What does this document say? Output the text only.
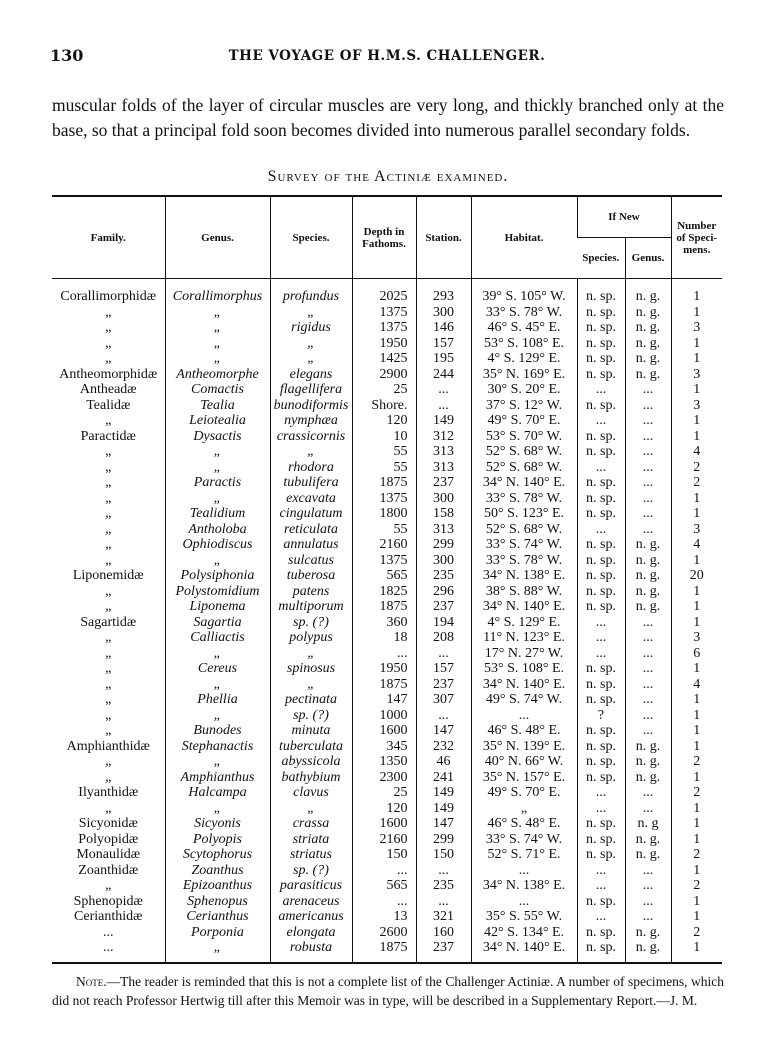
130	THE VOYAGE OF H.M.S. CHALLENGER.
muscular folds of the layer of circular muscles are very long, and thickly branched only at the base, so that a principal fold soon becomes divided into numerous parallel secondary folds.
Survey of the Actiniæ examined.
Family.	Genus.	Species.	Depth in Fathoms.	Station.	Habitat.	If New		Number of Speci-mens.
						Species.	Genus.	
Corallimorphidæ	Corallimorphus	profundus	2025	293	39° S. 105° W.	n. sp.	n. g.	1
„	„	„	1375	300	33° S. 78° W.	n. sp.	n. g.	1
„	„	rigidus	1375	146	46° S. 45° E.	n. sp.	n. g.	3
„	„	„	1950	157	53° S. 108° E.	n. sp.	n. g.	1
„	„	„	1425	195	4° S. 129° E.	n. sp.	n. g.	1
Antheomorphidæ	Antheomorphe	elegans	2900	244	35° N. 169° E.	n. sp.	n. g.	3
Antheadæ	Comactis	flagellifera	25	...	30° S. 20° E.	...	...	1
Tealidæ	Tealia	bunodiformis	Shore.	...	37° S. 12° W.	n. sp.	...	3
„	Leiotealia	nymphæa	120	149	49° S. 70° E.	...	...	1
Paractidæ	Dysactis	crassicornis	10	312	53° S. 70° W.	n. sp.	...	1
„	„	„	55	313	52° S. 68° W.	n. sp.	...	4
„	„	rhodora	55	313	52° S. 68° W.	...	...	2
„	Paractis	tubulifera	1875	237	34° N. 140° E.	n. sp.	...	2
„	„	excavata	1375	300	33° S. 78° W.	n. sp.	...	1
„	Tealidium	cingulatum	1800	158	50° S. 123° E.	n. sp.	...	1
„	Antholoba	reticulata	55	313	52° S. 68° W.	...	...	3
„	Ophiodiscus	annulatus	2160	299	33° S. 74° W.	n. sp.	n. g.	4
„	„	sulcatus	1375	300	33° S. 78° W.	n. sp.	n. g.	1
Liponemidæ	Polysiphonia	tuberosa	565	235	34° N. 138° E.	n. sp.	n. g.	20
„	Polystomidium	patens	1825	296	38° S. 88° W.	n. sp.	n. g.	1
„	Liponema	multiporum	1875	237	34° N. 140° E.	n. sp.	n. g.	1
Sagartidæ	Sagartia	sp. (?)	360	194	4° S. 129° E.	...	...	1
„	Calliactis	polypus	18	208	11° N. 123° E.	...	...	3
„	„	„	...	...	17° N. 27° W.	...	...	6
„	Cereus	spinosus	1950	157	53° S. 108° E.	n. sp.	...	1
„	„	„	1875	237	34° N. 140° E.	n. sp.	...	4
„	Phellia	pectinata	147	307	49° S. 74° W.	n. sp.	...	1
„	„	sp. (?)	1000	...	...	?	...	1
„	Bunodes	minuta	1600	147	46° S. 48° E.	n. sp.	...	1
Amphianthidæ	Stephanactis	tuberculata	345	232	35° N. 139° E.	n. sp.	n. g.	1
„	„	abyssicola	1350	46	40° N. 66° W.	n. sp.	n. g.	2
„	Amphianthus	bathybium	2300	241	35° N. 157° E.	n. sp.	n. g.	1
Ilyanthidæ	Halcampa	clavus	25	149	49° S. 70° E.	...	...	2
„	„	„	120	149	„	...	...	1
Sicyonidæ	Sicyonis	crassa	1600	147	46° S. 48° E.	n. sp.	n. g	1
Polyopidæ	Polyopis	striata	2160	299	33° S. 74° W.	n. sp.	n. g.	1
Monaulidæ	Scytophorus	striatus	150	150	52° S. 71° E.	n. sp.	n. g.	2
Zoanthidæ	Zoanthus	sp. (?)	...	...	...	...	...	1
„	Epizoanthus	parasiticus	565	235	34° N. 138° E.	...	...	2
Sphenopidæ	Sphenopus	arenaceus	...	...	...	n. sp.	...	1
Cerianthidæ	Cerianthus	americanus	13	321	35° S. 55° W.	...	...	1
...	Porponia	elongata	2600	160	42° S. 134° E.	n. sp.	n. g.	2
...	„	robusta	1875	237	34° N. 140° E.	n. sp.	n. g.	1
Note.—The reader is reminded that this is not a complete list of the Challenger Actiniæ. A number of specimens, which did not reach Professor Hertwig till after this Memoir was in type, will be described in a Supplementary Report.—J. M.
